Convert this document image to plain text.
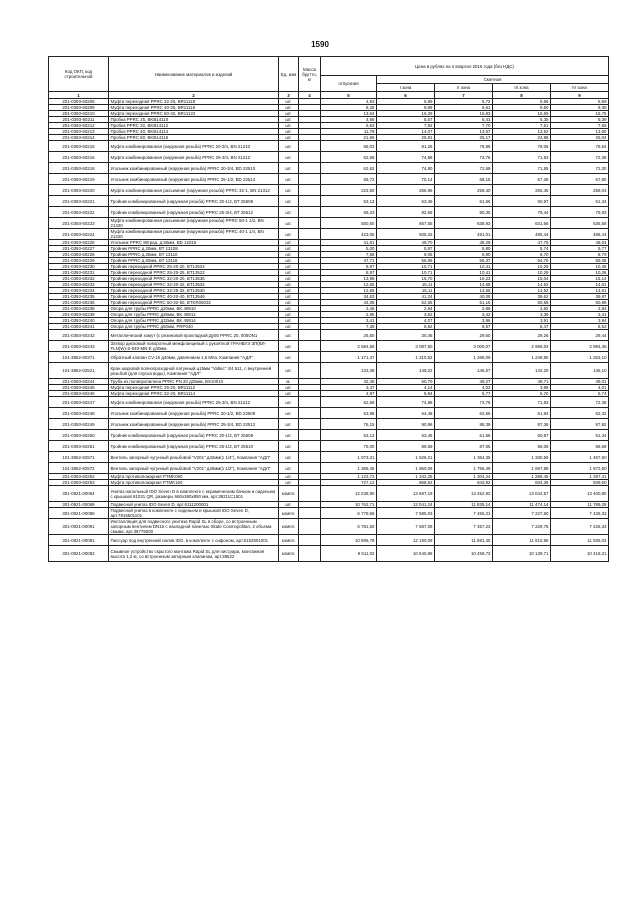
1590
Код ОКП, код строительной	Наименование материалов и изделий	Ед. изм	Масса брутто, кг	Цена в рублях на II квартал 2016 года (без НДС)				
				отпускная	Сметная			
					I зона	II зона	III зона	IV зона
1	2	3	4	5	6	7	8	9
201-0393-60208	Муфта переходная PPRC 32-25, BR11118	шт.		4,93	5,89	5,72	5,66	5,59
201-0393-60209	Муфта переходная PPRC 40-25, BR11119	шт.		8,28	9,89	9,61	9,50	9,38
201-0393-60210	Муфта переходная PPRC 50-32, BR11122	шт.		13,64	16,29	15,83	15,65	15,75
201-0393-60211	Пробка PPRC 25, BKB14110	шт.		4,66	5,57	5,41	5,35	5,38
201-0393-60212	Пробка PPRC 32, BKB14112	шт.		6,63	7,92	7,70	7,61	7,65
201-0393-60213	Пробка PPRC 40, BKB14114	шт.		11,78	14,07	13,67	13,52	13,60
201-0393-60214	Пробка PPRC 50, BKB14115	шт.		21,69	25,91	25,17	24,88	25,04
201-0393-60215	Муфта комбинированная (наружная резьба) PPRC 20-3/4, BN 21210	шт.		68,03	81,26	78,96	78,06	78,54
201-0393-60216	Муфта комбинированная (наружная резьба) PPRC 25-3/4, BN 21212	шт.		62,69	74,88	72,76	71,93	72,38
201-0393-60218	Угольник комбинированный (наружная резьба) PPRC 20-3/4, BD 23510	шт.		62,62	74,80	72,68	71,85	72,30
201-0393-60219	Угольник комбинированный (наружная резьба) PPRC 25-1/2, BD 23514	шт.		58,72	70,14	68,15	67,38	67,80
201-0393-60220	Муфта комбинированная разъемная (наружная резьба) PPRC 32-1, BN 21312	шт.		223,50	266,96	259,40	256,45	258,04
201-0393-60221	Тройник комбинированный (наружная резьба) PPRC 20-1/2, BT 25508	шт.		53,13	63,46	61,66	60,97	61,34
201-0393-60222	Тройник комбинированный (наружная резьба) PPRC 25-3/4, BT 25512	шт.		69,23	82,69	80,35	79,44	79,93
201-0393-60223	Муфта комбинированная разъемная (наружная резьба) PPRC 50-1 1/2, BN 21320	шт.		550,50	657,55	638,93	631,68	635,58
201-0393-60224	Муфта комбинированная разъемная (наружная резьба) PPRC 40-1 1/4, BN 21320	шт.		423,05	505,32	491,01	485,44	488,44
201-0393-60226	Угольник PPRC 90град. д.50мм, BD 12016	шт.		41,61	49,70	48,29	47,75	48,04
201-0393-60227	Тройник PPRC д.20мм, BT 13108	шт.		5,00	5,97	5,80	5,74	5,77
201-0393-60228	Тройник PPRC д.25мм, BT 13110	шт.		7,68	9,05	8,90	8,70	8,79
201-0393-60229	Тройник PPRC д.50мм, BT 13116	шт.		47,71	56,99	55,37	54,75	55,08
201-0393-60230	Тройник переходной PPRC 25-20-20, BT13524	шт.		8,97	10,71	10,41	10,29	10,36
201-0393-60231	Тройник переходной PPRC 25-20-25, BT13522	шт.		8,97	10,71	10,41	10,29	10,36
201-0393-60232	Тройник переходной PPRC 32-20-20, BT13536	шт.		13,98	16,70	16,23	16,04	16,14
201-0393-60233	Тройник переходной PPRC 32-20-32, BT13534	шт.		12,65	15,11	14,68	14,52	14,61
201-0393-60234	Тройник переходной PPRC 32-25-32, BT13540	шт.		12,65	15,11	14,68	14,52	14,61
201-0393-60235	Тройник переходной PPRC 40-20-40, BT13546	шт.		34,53	41,24	40,08	39,62	39,87
201-0393-60236	Тройник переходной PPRC 50-32-50, BTKR05032	шт.		44,08	52,65	51,16	50,58	50,89
201-0393-60238	Опора для трубы PPRC д20мм, BK 49910	шт.		2,46	2,94	2,86	2,82	2,84
201-0393-60239	Опора для трубы PPRC д25мм, BK 49912	шт.		2,95	3,52	3,42	3,39	3,41
201-0393-60240	Опора для трубы PPRC д32мм, BK 49914	шт.		3,41	4,07	3,96	3,91	3,94
201-0393-60241	Опора для трубы PPRC д50мм, PRP040	шт.		7,38	8,82	8,57	8,47	8,52
201-0393-60242	Металлический хомут (с резиновой прокладкой Ду50 PPRC 20, 005ON1	шт.		25,50	30,46	29,60	29,26	29,44
201-0393-60243	Затвор дисковый поворотный межфланцевый с рукояткой ГРАНВУЭ ЗП(ВЛ-FLN(W)-S-040-MN-E д40мм.	шт.		2 584,65	3 087,50	3 000,07	2 966,04	2 984,36
101-3862-80371	Обратный клапан СV-16 д40мм, давлением 1,6 Мпа, Компания "АДЛ"	шт.		1 171,37	1 310,52	1 268,09	1 248,80	1 263,10
101-3862-02521	Кран шаровой полнопроходной латунный ц15мм "Valtec" 3/4 511, с внутренней резьбой (для спуска воды), Компания "АДЛ"	шт.		133,38	149,22	146,67	142,20	145,10
201-0393-60244	Труба из полипропилена PPRC PN 20 д25мм, BS10010	м.		42,45	50,70	49,27	48,71	49,01
201-0393-60245	Муфта переходная PPRC 25-20, BR11112	шт.		3,47	4,14	4,03	3,98	4,01
201-0393-60246	Муфта переходная PPRC 32-20, BR11114	шт.		4,97	5,94	5,77	5,70	5,74
201-0393-60247	Муфта комбинированная (наружная резьба) PPRC 25-3/4, BN 21212	шт.		62,69	74,88	72,76	71,93	72,38
201-0393-60248	Угольник комбинированный (наружная резьба) PPRC 20-1/2, BD 23508	шт.		53,98	64,48	62,65	61,94	62,32
201-0393-60249	Угольник комбинированный (наружная резьба) PPRC 25-3/4, BD 23512	шт.		76,15	90,96	88,38	87,38	87,92
201-0393-60250	Тройник комбинированный (наружная резьба) PPRC 20-1/2, BT 25508	шт.		53,13	63,46	61,66	60,97	61,34
201-0393-60251	Тройник комбинированный (наружная резьба) PPRC 25-1/2, BT 25510	шт.		75,00	89,59	87,05	86,06	86,59
101-3862-82571	Вентиль запорный чугунный резьбовой "V201" д32мм(1 1/4"), Компания "АДЛ"	шт.		1 073,21	1 526,21	1 364,35	1 330,59	1 467,60
101-3862-82572	Вентиль запорный чугунный резьбовой "V201" д40мм(1 1/2"), Компания "АДЛ"	шт.		1 369,46	1 960,06	1 756,49	1 697,89	1 872,50
201-0393-60252	Муфта противопожарная PTMK080	шт.		1 123,73	1 342,25	1 304,24	1 289,45	1 297,41
201-0393-60253	Муфта противопожарная PTMK160	шт.		727,12	868,52	843,92	834,35	839,50
301-0921-00064	Унитаз напольный IDO Seven D в комплекте с керамическим бачком и сиденьем с крышкой 81031 QR, размеры 660x360x850 мм, арт.39211C1501	компл.		12 238,90	13 687,19	13 452,92	13 042,57	13 400,80
301-0921-00069	Подвесной унитаз IDO Seven D, арт.6111200001	шт.		10 762,71	12 041,24	11 835,14	11 474,14	11 789,29
301-0921-00089	Подвесной унитаз в комплекте с сиденьем и крышкой IDO Seven D, арт.7915501101	компл.		6 779,66	7 585,03	7 455,21	7 227,80	7 426,32
301-0921-00091	Инсталляция для подвесного унитаза Rapid SL в сборе, со встроенным запорным вентилем DN15 с накладной панелью Skate Cosmopolitan, 2 объема смыва, арт.38775000	компл.		6 781,50	7 587,09	7 457,23	7 229,76	7 428,34
301-0921-00081	Писсуар под внутренний налив IDO, в комплекте с сифоном, арт.5152501001	компл.		10 895,78	12 190,09	11 981,45	11 615,96	11 935,03
301-0921-00082	Смывное устройство скрытого монтажа Rapid SL для писсуара, монтажная высота 1,2 м, со встроенным запорным клапаном, арт.38522	компл.		9 511,02	10 640,86	10 458,73	10 139,71	10 418,21
